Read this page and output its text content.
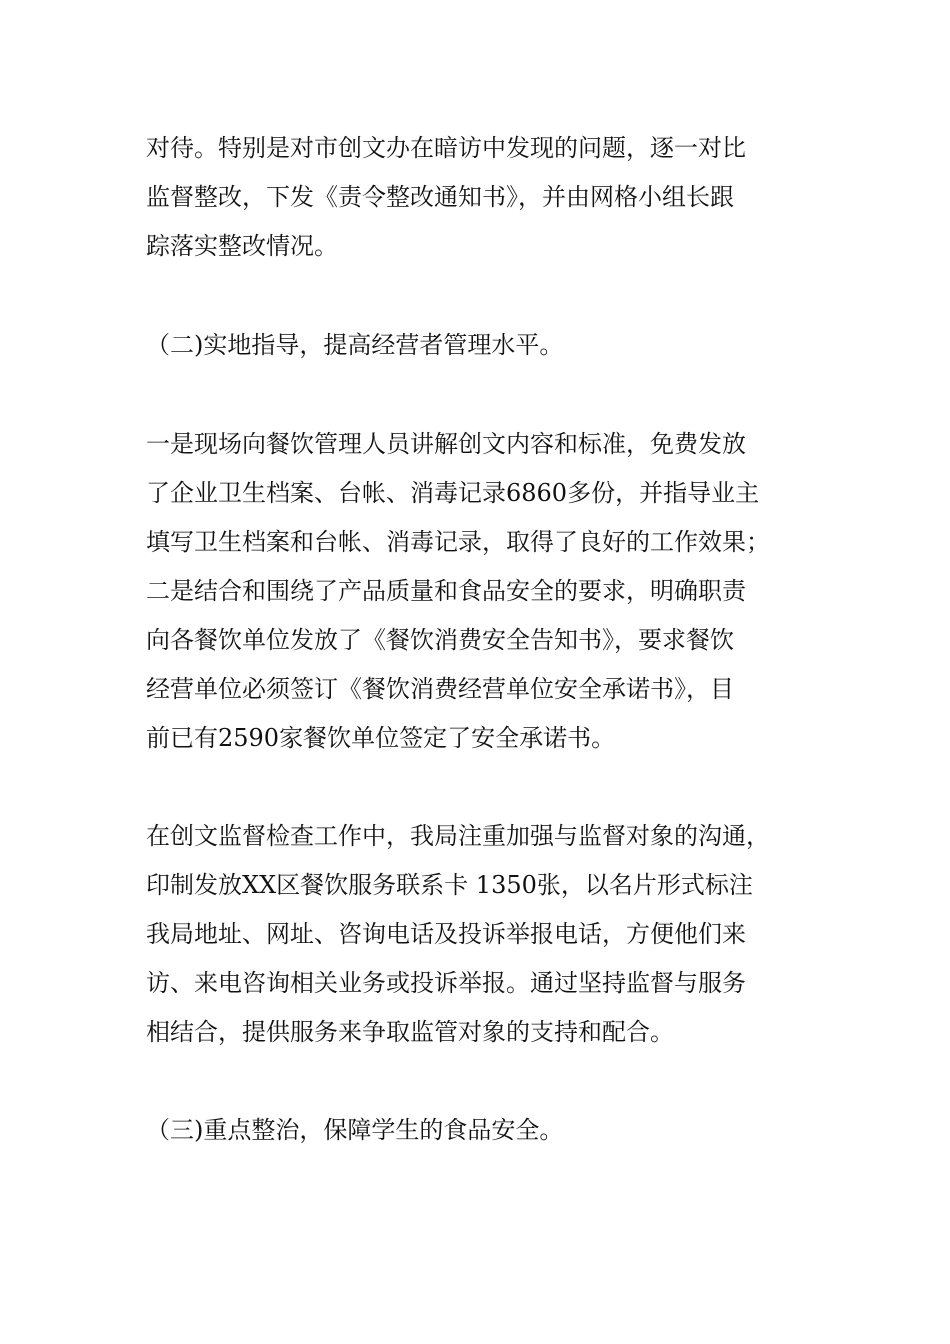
对待。特别是对市创文办在暗访中发现的问题，逐一对比
监督整改，下发《责令整改通知书》，并由网格小组长跟
踪落实整改情况。
（二)实地指导，提高经营者管理水平。
一是现场向餐饮管理人员讲解创文内容和标准，免费发放
了企业卫生档案、台帐、消毒记录6860多份，并指导业主
填写卫生档案和台帐、消毒记录，取得了良好的工作效果；
二是结合和围绕了产品质量和食品安全的要求，明确职责
向各餐饮单位发放了《餐饮消费安全告知书》，要求餐饮
经营单位必须签订《餐饮消费经营单位安全承诺书》，目
前已有2590家餐饮单位签定了安全承诺书。
在创文监督检查工作中，我局注重加强与监督对象的沟通，
印制发放XX区餐饮服务联系卡 1350张，以名片形式标注
我局地址、网址、咨询电话及投诉举报电话，方便他们来
访、来电咨询相关业务或投诉举报。通过坚持监督与服务
相结合，提供服务来争取监管对象的支持和配合。
（三)重点整治，保障学生的食品安全。
